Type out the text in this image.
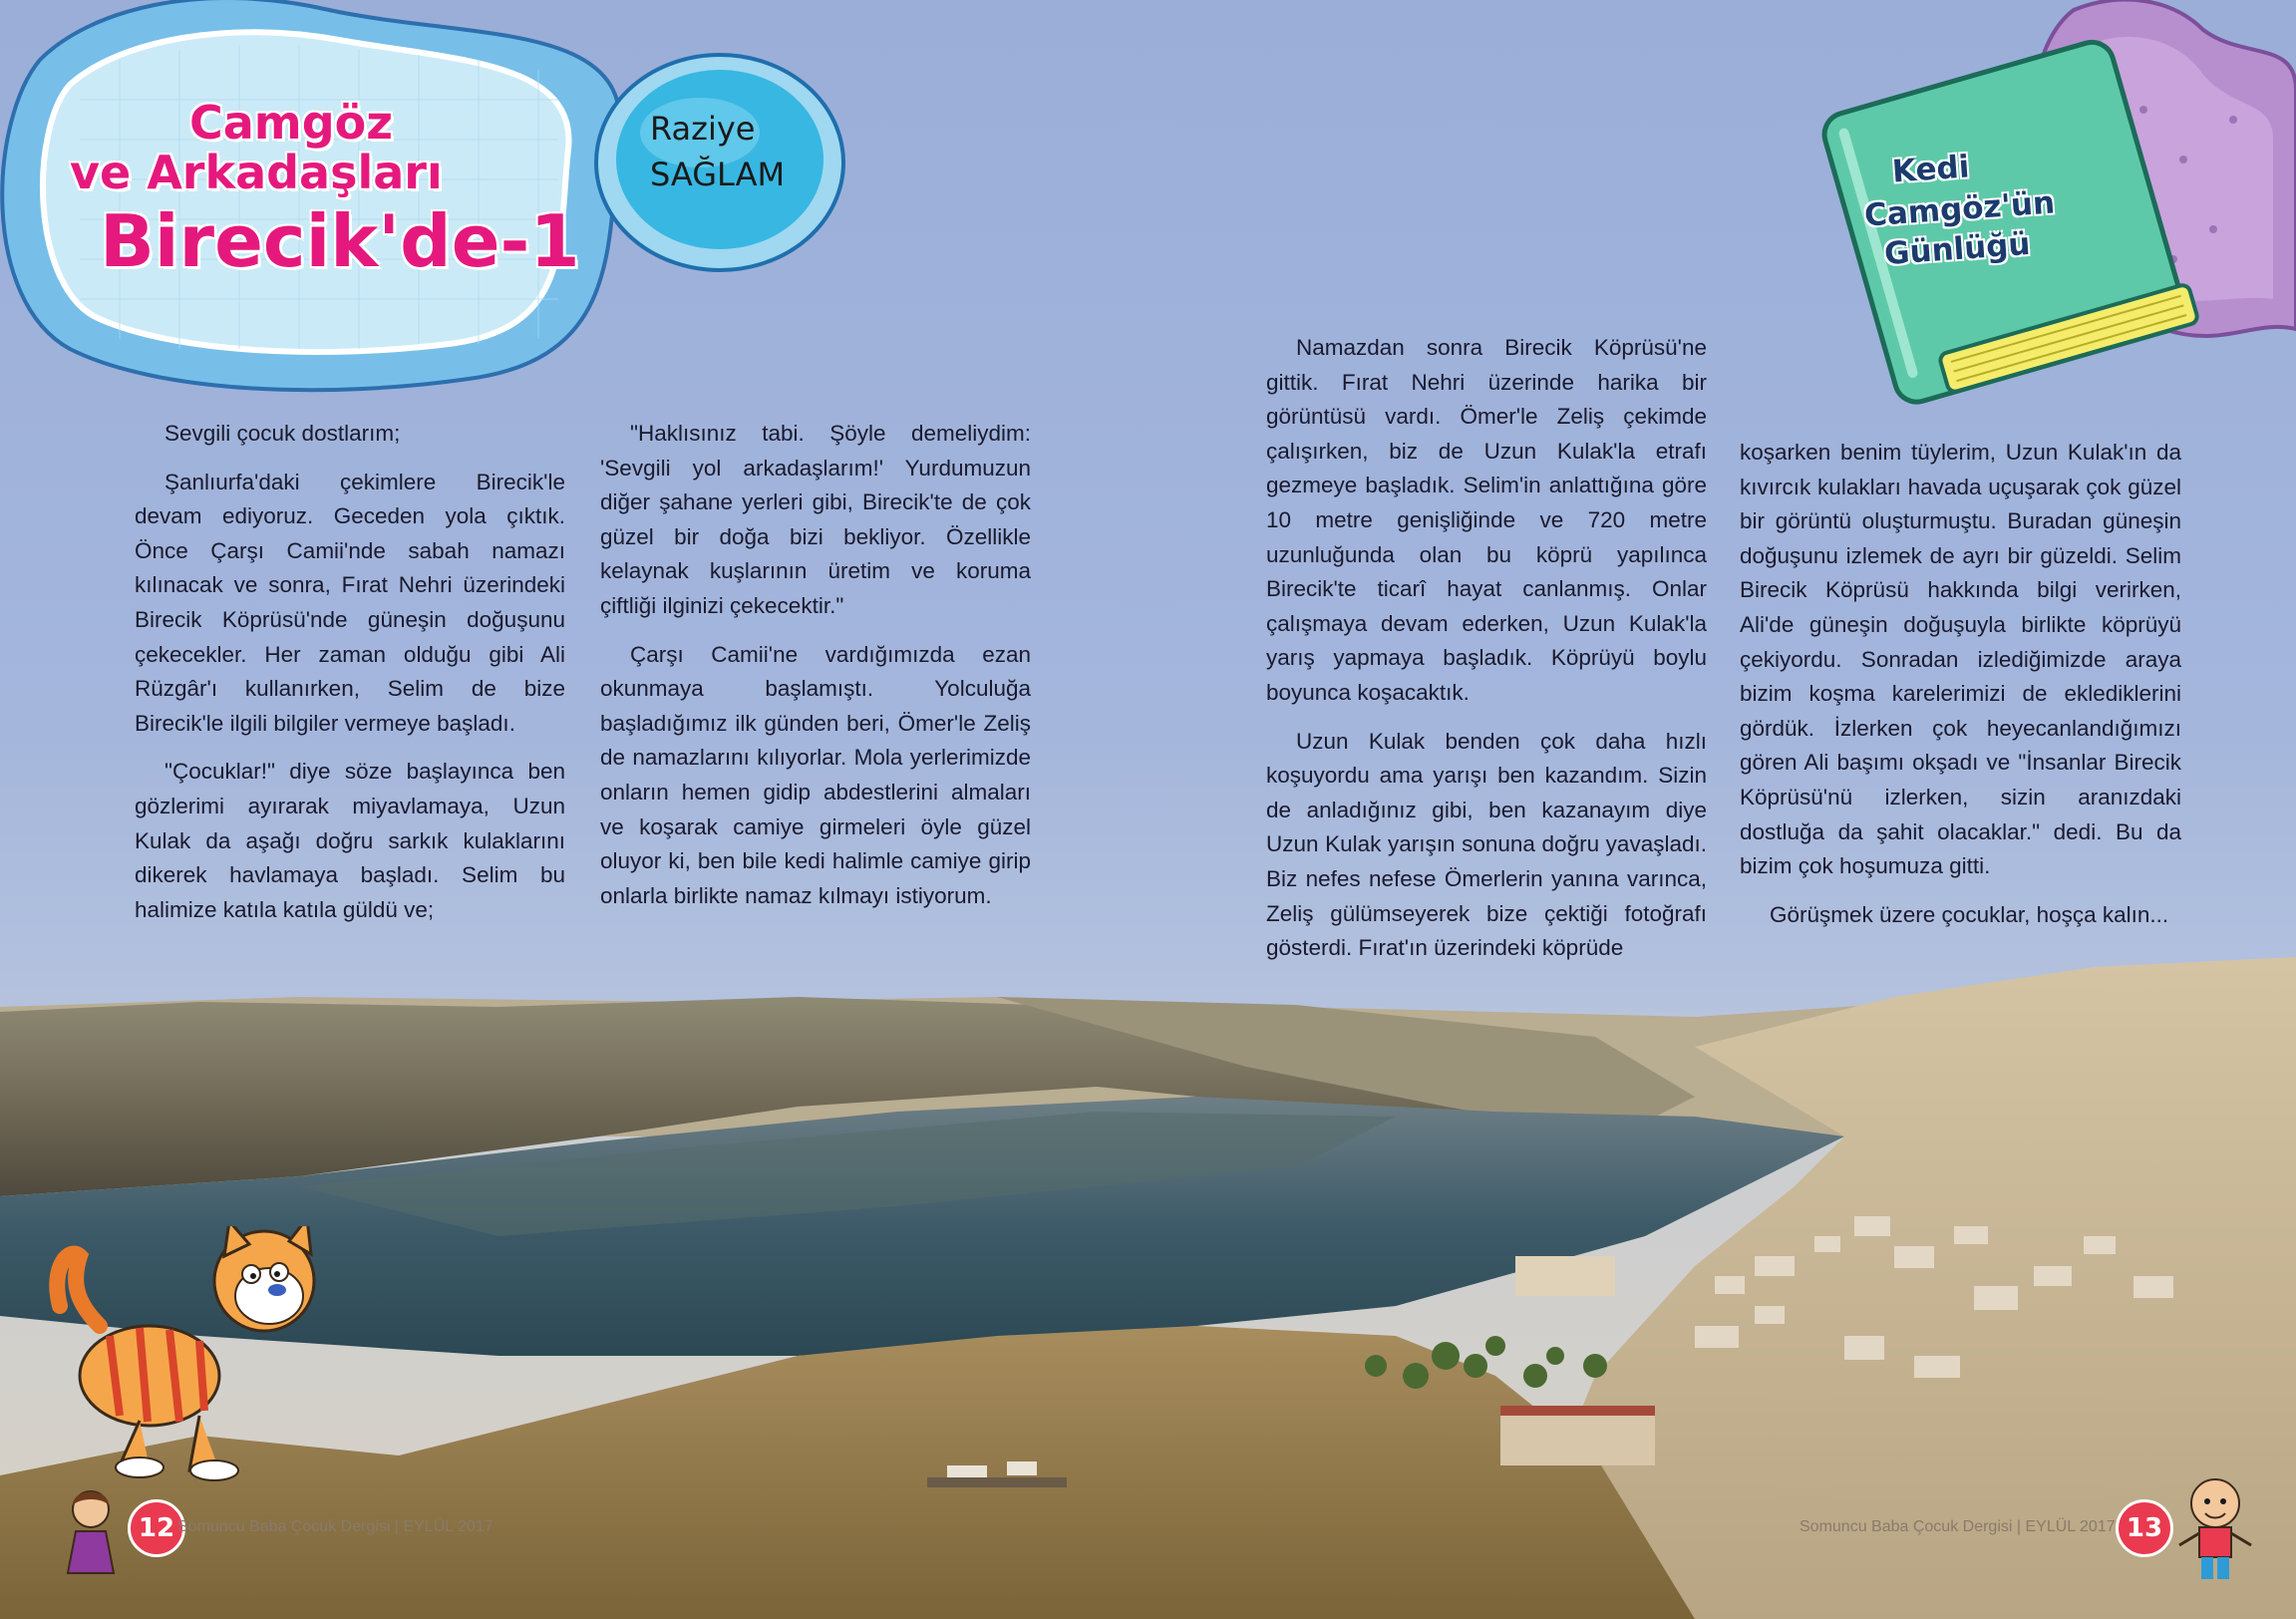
Camgöz
ve Arkadaşları
Birecik'de-1
Raziye
SAĞLAM	Kedi
Camgöz'ün
Günlüğü

Sevgili çocuk dostlarım;

Şanlıurfa'daki çekimlere Birecik'le devam ediyoruz. Geceden yola çıktık. Önce Çarşı Camii'nde sabah namazı kılınacak ve sonra, Fırat Nehri üzerindeki Birecik Köprüsü'nde güneşin doğuşunu çekecekler. Her zaman olduğu gibi Ali Rüzgâr'ı kullanırken, Selim de bize Birecik'le ilgili bilgiler vermeye başladı.

"Çocuklar!" diye söze başlayınca ben gözlerimi ayırarak miyavlamaya, Uzun Kulak da aşağı doğru sarkık kulaklarını dikerek havlamaya başladı. Selim bu halimize katıla katıla güldü ve;

"Haklısınız tabi. Şöyle demeliydim: 'Sevgili yol arkadaşlarım!' Yurdumuzun diğer şahane yerleri gibi, Birecik'te de çok güzel bir doğa bizi bekliyor. Özellikle kelaynak kuşlarının üretim ve koruma çiftliği ilginizi çekecektir."

Çarşı Camii'ne vardığımızda ezan okunmaya başlamıştı. Yolculuğa başladığımız ilk günden beri, Ömer'le Zeliş de namazlarını kılıyorlar. Mola yerlerimizde onların hemen gidip abdestlerini almaları ve koşarak camiye girmeleri öyle güzel oluyor ki, ben bile kedi halimle camiye girip onlarla birlikte namaz kılmayı istiyorum.

Namazdan sonra Birecik Köprüsü'ne gittik. Fırat Nehri üzerinde harika bir görüntüsü vardı. Ömer'le Zeliş çekimde çalışırken, biz de Uzun Kulak'la etrafı gezmeye başladık. Selim'in anlattığına göre 10 metre genişliğinde ve 720 metre uzunluğunda olan bu köprü yapılınca Birecik'te ticarî hayat canlanmış. Onlar çalışmaya devam ederken, Uzun Kulak'la yarış yapmaya başladık. Köprüyü boylu boyunca koşacaktık.

Uzun Kulak benden çok daha hızlı koşuyordu ama yarışı ben kazandım. Sizin de anladığınız gibi, ben kazanayım diye Uzun Kulak yarışın sonuna doğru yavaşladı. Biz nefes nefese Ömerlerin yanına varınca, Zeliş gülümseyerek bize çektiği fotoğrafı gösterdi. Fırat'ın üzerindeki köprüde

koşarken benim tüylerim, Uzun Kulak'ın da kıvırcık kulakları havada uçuşarak çok güzel bir görüntü oluşturmuştu. Buradan güneşin doğuşunu izlemek de ayrı bir güzeldi. Selim Birecik Köprüsü hakkında bilgi verirken, Ali'de güneşin doğuşuyla birlikte köprüyü çekiyordu. Sonradan izlediğimizde araya bizim koşma karelerimizi de eklediklerini gördük. İzlerken çok heyecanlandığımızı gören Ali başımı okşadı ve "İnsanlar Birecik Köprüsü'nü izlerken, sizin aranızdaki dostluğa da şahit olacaklar." dedi. Bu da bizim çok hoşumuza gitti.

Görüşmek üzere çocuklar, hoşça kalın...

12 Somuncu Baba Çocuk Dergisi | EYLÜL 2017	Somuncu Baba Çocuk Dergisi | EYLÜL 2017 13
